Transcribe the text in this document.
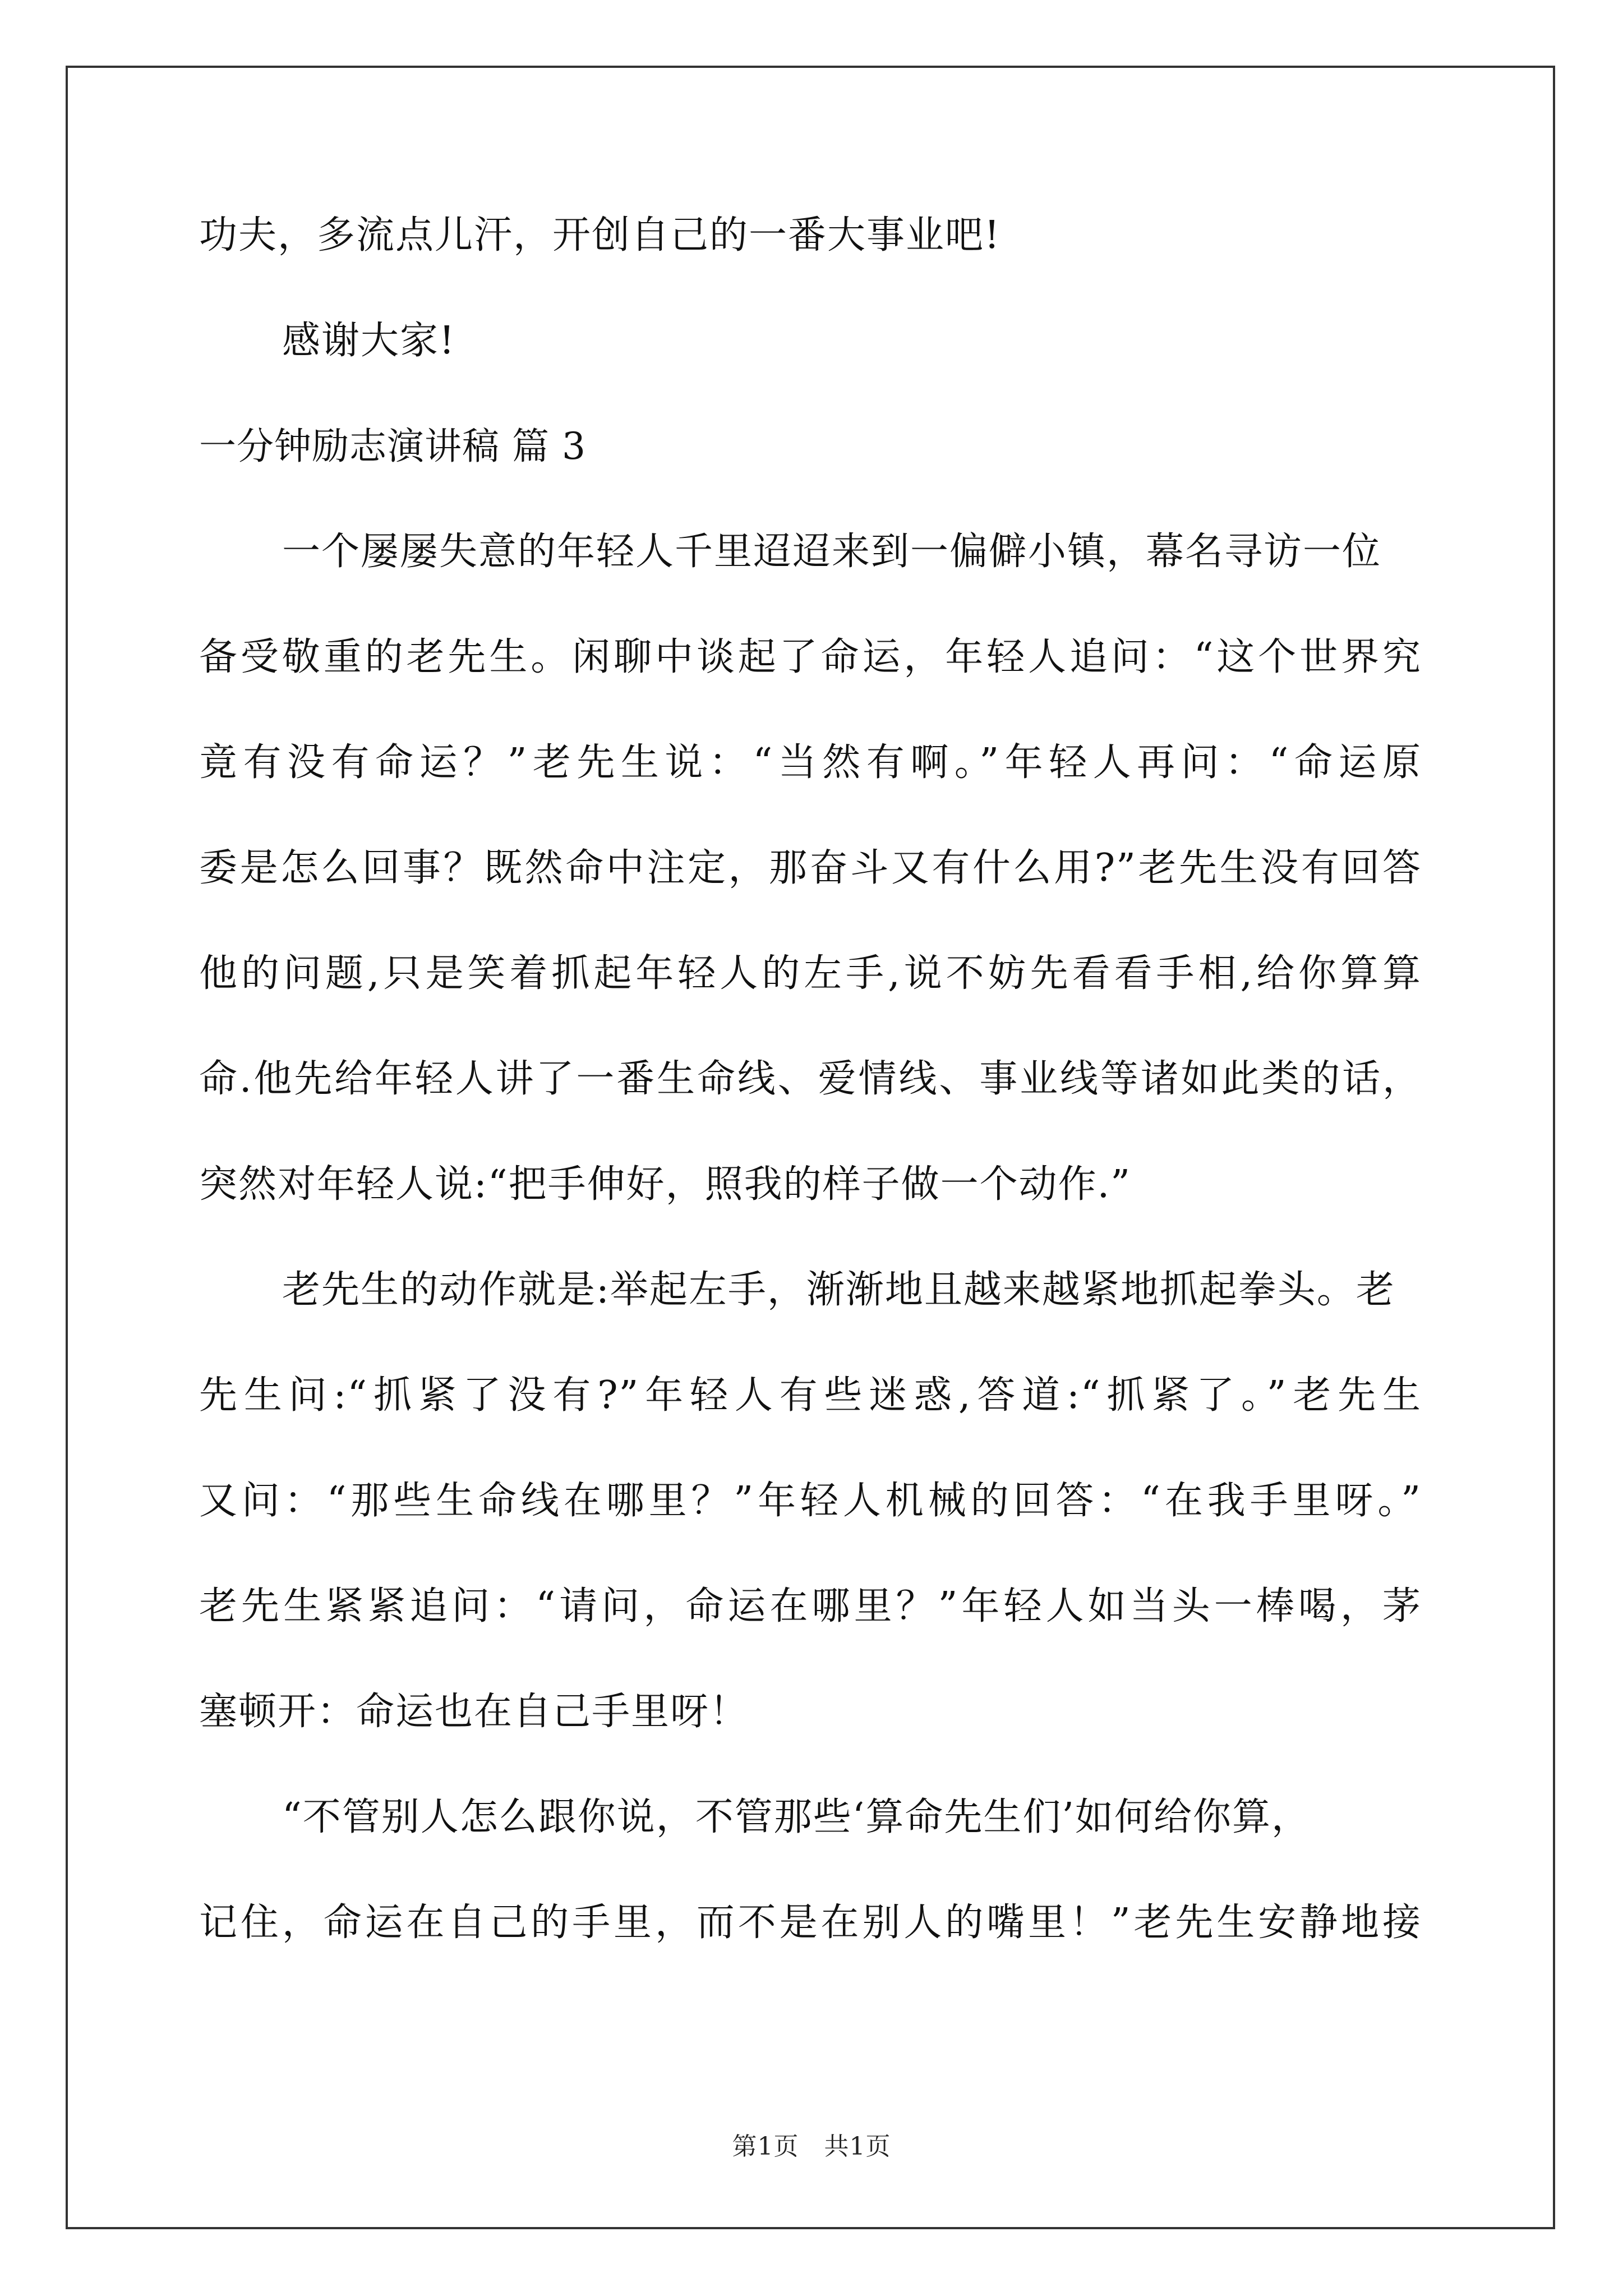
功夫，多流点儿汗，开创自己的一番大事业吧!
感谢大家!
一分钟励志演讲稿 篇 3
一个屡屡失意的年轻人千里迢迢来到一偏僻小镇，幕名寻访一位
备受敬重的老先生。闲聊中谈起了命运，年轻人追问：“这个世界究
竟有没有命运？”老先生说：“当然有啊。”年轻人再问：“命运原
委是怎么回事？既然命中注定，那奋斗又有什么用?”老先生没有回答
他的问题,只是笑着抓起年轻人的左手,说不妨先看看手相,给你算算
命.他先给年轻人讲了一番生命线、爱情线、事业线等诸如此类的话，
突然对年轻人说:“把手伸好，照我的样子做一个动作.”
老先生的动作就是:举起左手，渐渐地且越来越紧地抓起拳头。老
先生问:“抓紧了没有?”年轻人有些迷惑,答道:“抓紧了。”老先生
又问：“那些生命线在哪里？”年轻人机械的回答：“在我手里呀。”
老先生紧紧追问：“请问，命运在哪里？”年轻人如当头一棒喝，茅
塞顿开：命运也在自己手里呀！
“不管别人怎么跟你说，不管那些‘算命先生们’如何给你算，
记住，命运在自己的手里，而不是在别人的嘴里！”老先生安静地接
第1页　共1页
